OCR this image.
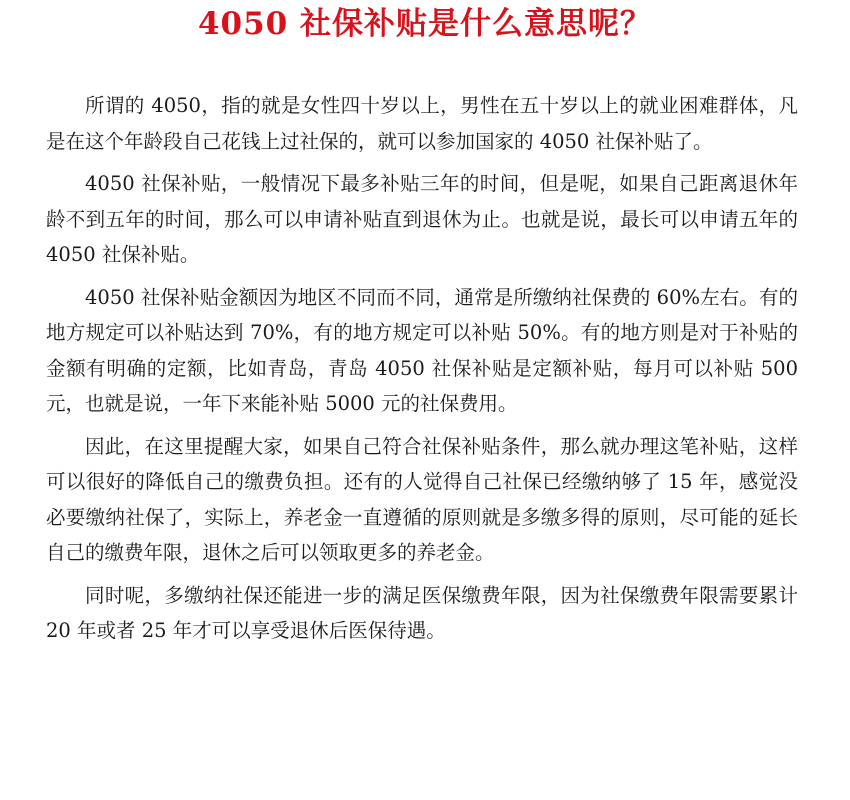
4050 社保补贴是什么意思呢？

所谓的 4050，指的就是女性四十岁以上，男性在五十岁以上的就业困难群体，凡是在这个年龄段自己花钱上过社保的，就可以参加国家的 4050 社保补贴了。

4050 社保补贴，一般情况下最多补贴三年的时间，但是呢，如果自己距离退休年龄不到五年的时间，那么可以申请补贴直到退休为止。也就是说，最长可以申请五年的 4050 社保补贴。

4050 社保补贴金额因为地区不同而不同，通常是所缴纳社保费的 60%左右。有的地方规定可以补贴达到 70%，有的地方规定可以补贴 50%。有的地方则是对于补贴的金额有明确的定额，比如青岛，青岛 4050 社保补贴是定额补贴，每月可以补贴 500 元，也就是说，一年下来能补贴 5000 元的社保费用。

因此，在这里提醒大家，如果自己符合社保补贴条件，那么就办理这笔补贴，这样可以很好的降低自己的缴费负担。还有的人觉得自己社保已经缴纳够了 15 年，感觉没必要缴纳社保了，实际上，养老金一直遵循的原则就是多缴多得的原则，尽可能的延长自己的缴费年限，退休之后可以领取更多的养老金。

同时呢，多缴纳社保还能进一步的满足医保缴费年限，因为社保缴费年限需要累计 20 年或者 25 年才可以享受退休后医保待遇。
